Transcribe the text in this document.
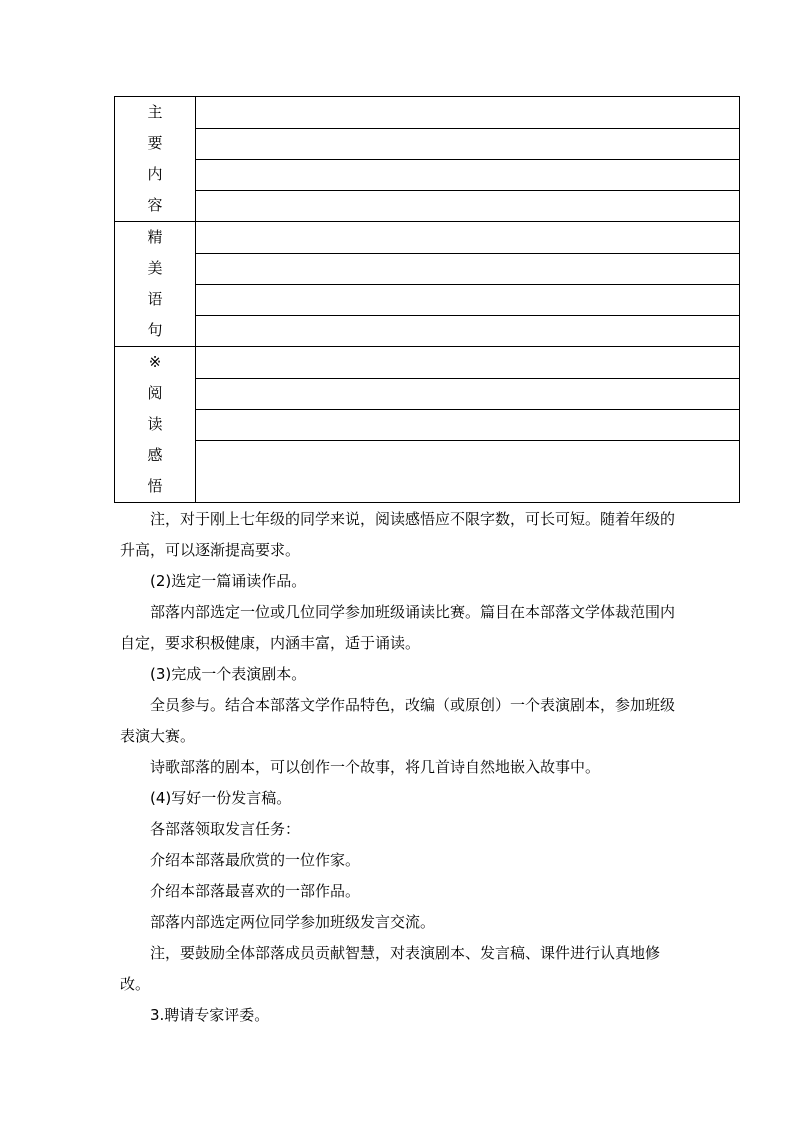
主
要
内
容
精
美
语
句
※
阅
读
感
悟

注，对于刚上七年级的同学来说，阅读感悟应不限字数，可长可短。随着年级的升高，可以逐渐提高要求。

(2)选定一篇诵读作品。

部落内部选定一位或几位同学参加班级诵读比赛。篇目在本部落文学体裁范围内自定，要求积极健康，内涵丰富，适于诵读。

(3)完成一个表演剧本。

全员参与。结合本部落文学作品特色，改编（或原创）一个表演剧本，参加班级表演大赛。

诗歌部落的剧本，可以创作一个故事，将几首诗自然地嵌入故事中。

(4)写好一份发言稿。

各部落领取发言任务：

介绍本部落最欣赏的一位作家。

介绍本部落最喜欢的一部作品。

部落内部选定两位同学参加班级发言交流。

注，要鼓励全体部落成员贡献智慧，对表演剧本、发言稿、课件进行认真地修改。

3.聘请专家评委。
